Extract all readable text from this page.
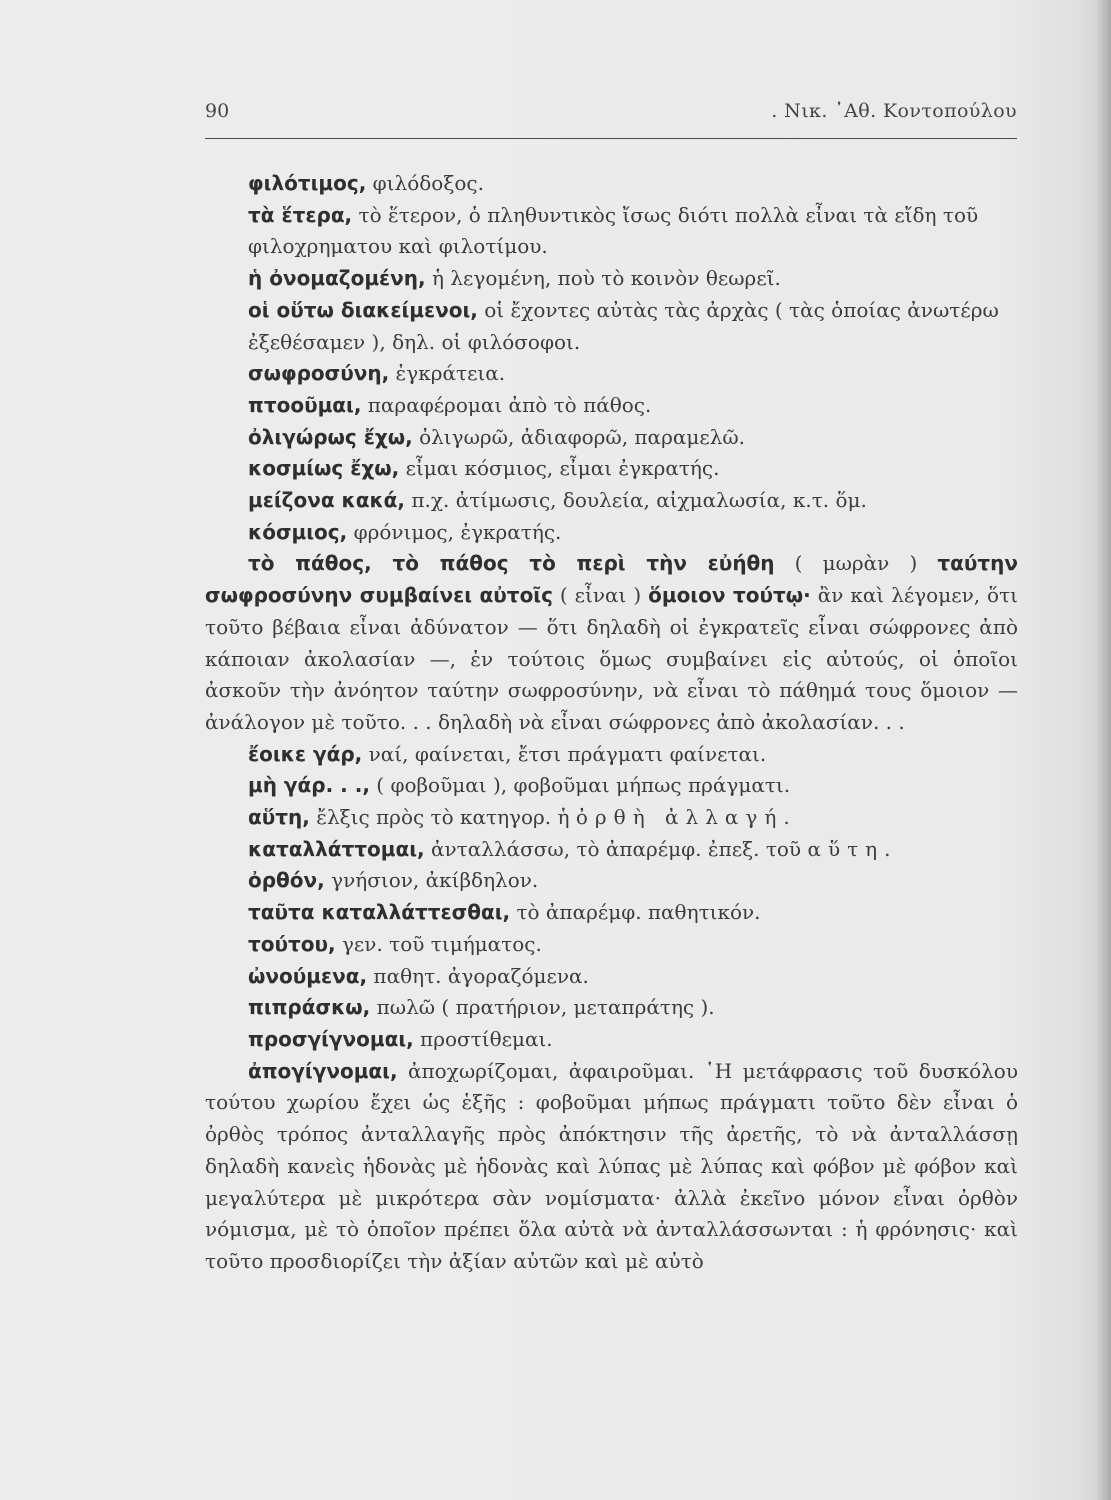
90	. Νικ. ᾿Αθ. Κοντοπούλου

φιλότιμος, φιλόδοξος.

τὰ ἕτερα, τὸ ἕτερον, ὁ πληθυντικὸς ἴσως διότι πολλὰ εἶναι τὰ εἴδη τοῦ φιλοχρηματου καὶ φιλοτίμου.

ἡ ὀνομαζομένη, ἡ λεγομένη, ποὺ τὸ κοινὸν θεωρεῖ.

οἱ οὕτω διακείμενοι, οἱ ἔχοντες αὐτὰς τὰς ἀρχὰς ( τὰς ὁποίας ἀνωτέρω ἐξεθέσαμεν ), δηλ. οἱ φιλόσοφοι.

σωφροσύνη, ἐγκράτεια.

πτοοῦμαι, παραφέρομαι ἀπὸ τὸ πάθος.

ὀλιγώρως ἔχω, ὀλιγωρῶ, ἀδιαφορῶ, παραμελῶ.

κοσμίως ἔχω, εἶμαι κόσμιος, εἶμαι ἐγκρατής.

μείζονα κακά, π.χ. ἀτίμωσις, δουλεία, αἰχμαλωσία, κ.τ. ὅμ.

κόσμιος, φρόνιμος, ἐγκρατής.

τὸ πάθος, τὸ πάθος τὸ περὶ τὴν εὐήθη ( μωρὰν ) ταύτην σωφροσύνην συμβαίνει αὐτοῖς ( εἶναι ) ὅμοιον τούτῳ· ἂν καὶ λέγομεν, ὅτι τοῦτο βέβαια εἶναι ἀδύνατον — ὅτι δηλαδὴ οἱ ἐγκρατεῖς εἶναι σώφρονες ἀπὸ κάποιαν ἀκολασίαν —, ἐν τούτοις ὅμως συμβαίνει εἰς αὐτούς, οἱ ὁποῖοι ἀσκοῦν τὴν ἀνόητον ταύτην σωφροσύνην, νὰ εἶναι τὸ πάθημά τους ὅμοιον — ἀνάλογον μὲ τοῦτο. . . δηλαδὴ νὰ εἶναι σώφρονες ἀπὸ ἀκολασίαν. . .

ἔοικε γάρ, ναί, φαίνεται, ἔτσι πράγματι φαίνεται.

μὴ γάρ. . ., ( φοβοῦμαι ), φοβοῦμαι μήπως πράγματι.

αὕτη, ἔλξις πρὸς τὸ κατηγορ. ἡ ὀρθὴ ἀλλαγή.

καταλλάττομαι, ἀνταλλάσσω, τὸ ἀπαρέμφ. ἐπεξ. τοῦ αὕτη.

ὀρθόν, γνήσιον, ἀκίβδηλον.

ταῦτα καταλλάττεσθαι, τὸ ἀπαρέμφ. παθητικόν.

τούτου, γεν. τοῦ τιμήματος.

ὠνούμενα, παθητ. ἀγοραζόμενα.

πιπράσκω, πωλῶ ( πρατήριον, μεταπράτης ).

προσγίγνομαι, προστίθεμαι.

ἀπογίγνομαι, ἀποχωρίζομαι, ἀφαιροῦμαι. ῾Η μετάφρασις τοῦ δυσκόλου τούτου χωρίου ἔχει ὡς ἑξῆς : φοβοῦμαι μήπως πράγματι τοῦτο δὲν εἶναι ὁ ὀρθὸς τρόπος ἀνταλλαγῆς πρὸς ἀπόκτησιν τῆς ἀρετῆς, τὸ νὰ ἀνταλλάσσῃ δηλαδὴ κανεὶς ἡδονὰς μὲ ἡδονὰς καὶ λύπας μὲ λύπας καὶ φόβον μὲ φόβον καὶ μεγαλύτερα μὲ μικρότερα σὰν νομίσματα· ἀλλὰ ἐκεῖνο μόνον εἶναι ὀρθὸν νόμισμα, μὲ τὸ ὁποῖον πρέπει ὅλα αὐτὰ νὰ ἀνταλλάσσωνται : ἡ φρόνησις· καὶ τοῦτο προσδιορίζει τὴν ἀξίαν αὐτῶν καὶ μὲ αὐτὸ
